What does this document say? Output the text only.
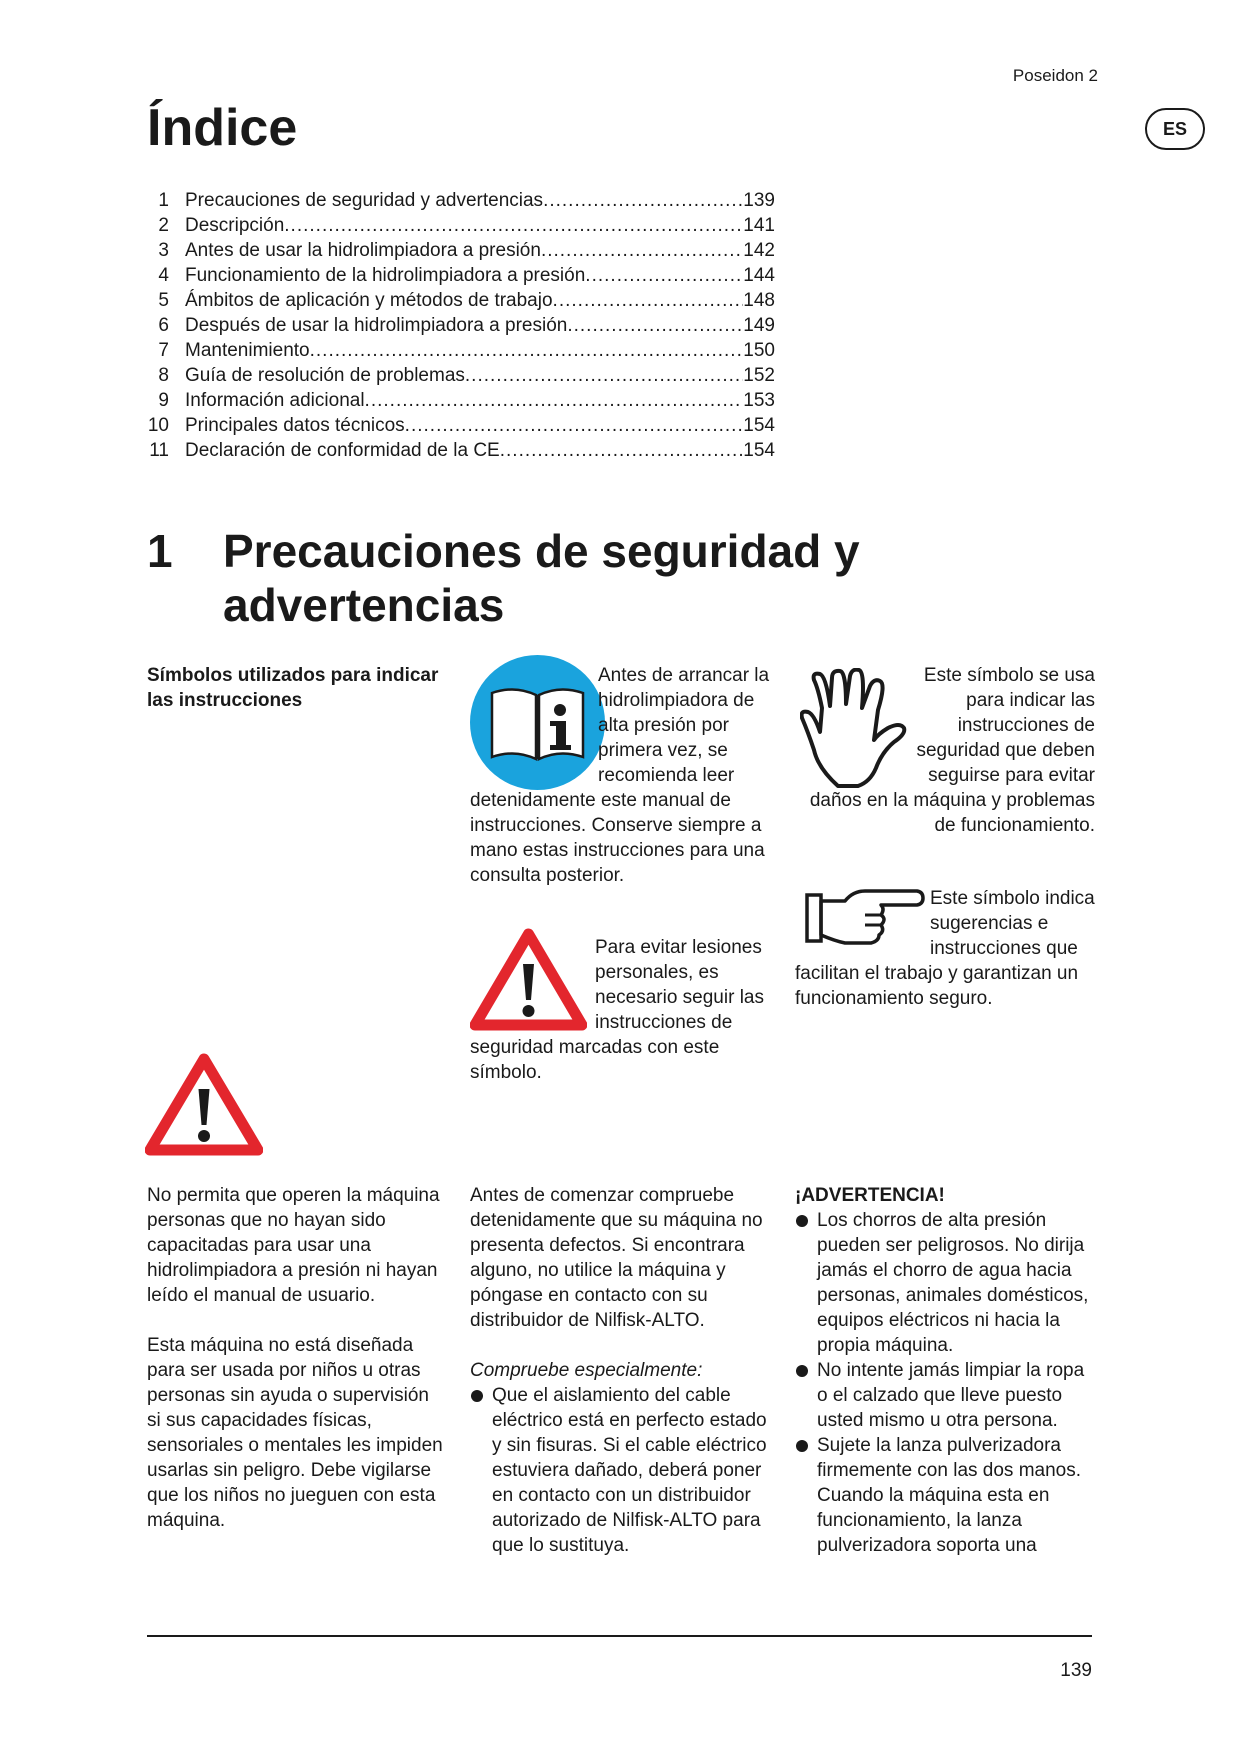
Poseidon 2
ES
Índice
1 Precauciones de seguridad y advertencias .....	139
2 Descripción .....	141
3 Antes de usar la hidrolimpiadora a presión .....	142
4 Funcionamiento de la hidrolimpiadora a presión .....	144
5 Ámbitos de aplicación y métodos de trabajo .....	148
6 Después de usar la hidrolimpiadora a presión .....	149
7 Mantenimiento .....	150
8 Guía de resolución de problemas .....	152
9 Información adicional .....	153
10 Principales datos técnicos .....	154
11 Declaración de conformidad de la CE .....	154
1 Precauciones de seguridad y advertencias

Símbolos utilizados para indicar las instrucciones

Antes de arrancar la hidrolimpiadora de alta presión por primera vez, se recomienda leer detenidamente este manual de instrucciones. Conserve siempre a mano estas instrucciones para una consulta posterior.
Este símbolo se usa para indicar las instrucciones de seguridad que deben seguirse para evitar daños en la máquina y problemas de funcionamiento.
Este símbolo indica sugerencias e instrucciones que facilitan el trabajo y garantizan un funcionamiento seguro.
Para evitar lesiones personales, es necesario seguir las instrucciones de seguridad marcadas con este símbolo.

No permita que operen la máquina personas que no hayan sido capacitadas para usar una hidrolimpiadora a presión ni hayan leído el manual de usuario.

Esta máquina no está diseñada para ser usada por niños u otras personas sin ayuda o supervisión si sus capacidades físicas, sensoriales o mentales les impiden usarlas sin peligro. Debe vigilarse que los niños no jueguen con esta máquina.

Antes de comenzar compruebe detenidamente que su máquina no presenta defectos. Si encontrara alguno, no utilice la máquina y póngase en contacto con su distribuidor de Nilfisk-ALTO.

Compruebe especialmente:

Que el aislamiento del cable eléctrico está en perfecto estado y sin fisuras. Si el cable eléctrico estuviera dañado, deberá poner en contacto con un distribuidor autorizado de Nilfisk-ALTO para que lo sustituya.

¡ADVERTENCIA!

Los chorros de alta presión pueden ser peligrosos. No dirija jamás el chorro de agua hacia personas, animales domésticos, equipos eléctricos ni hacia la propia máquina.
No intente jamás limpiar la ropa o el calzado que lleve puesto usted mismo u otra persona.
Sujete la lanza pulverizadora firmemente con las dos manos. Cuando la máquina esta en funcionamiento, la lanza pulverizadora soporta una
139
